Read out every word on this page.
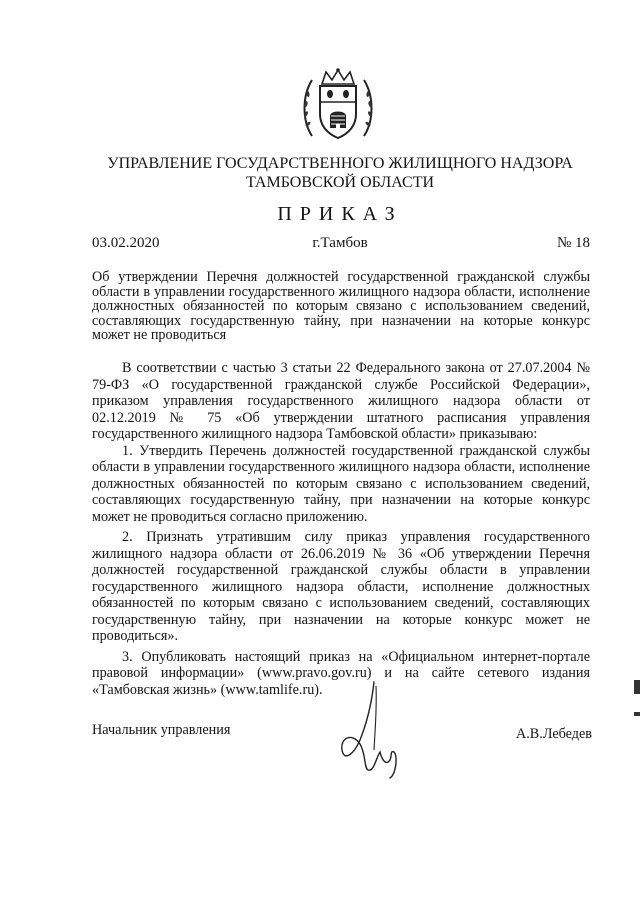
УПРАВЛЕНИЕ ГОСУДАРСТВЕННОГО ЖИЛИЩНОГО НАДЗОРА
ТАМБОВСКОЙ ОБЛАСТИ
ПРИКАЗ
03.02.2020	г.Тамбов	№ 18
Об утверждении Перечня должностей государственной гражданской службы области в управлении государственного жилищного надзора области, исполнение должностных обязанностей по которым связано с использованием сведений, составляющих государственную тайну, при назначении на которые конкурс может не проводиться

В соответствии с частью 3 статьи 22 Федерального закона от 27.07.2004 № 79-ФЗ «О государственной гражданской службе Российской Федерации», приказом управления государственного жилищного надзора области от 02.12.2019 № 75 «Об утверждении штатного расписания управления государственного жилищного надзора Тамбовской области» приказываю:

1. Утвердить Перечень должностей государственной гражданской службы области в управлении государственного жилищного надзора области, исполнение должностных обязанностей по которым связано с использованием сведений, составляющих государственную тайну, при назначении на которые конкурс может не проводиться согласно приложению.

2. Признать утратившим силу приказ управления государственного жилищного надзора области от 26.06.2019 № 36 «Об утверждении Перечня должностей государственной гражданской службы области в управлении государственного жилищного надзора области, исполнение должностных обязанностей по которым связано с использованием сведений, составляющих государственную тайну, при назначении на которые конкурс может не проводиться».

3. Опубликовать настоящий приказ на «Официальном интернет-портале правовой информации» (www.pravo.gov.ru) и на сайте сетевого издания «Тамбовская жизнь» (www.tamlife.ru).

Начальник управления	А.В.Лебедев
